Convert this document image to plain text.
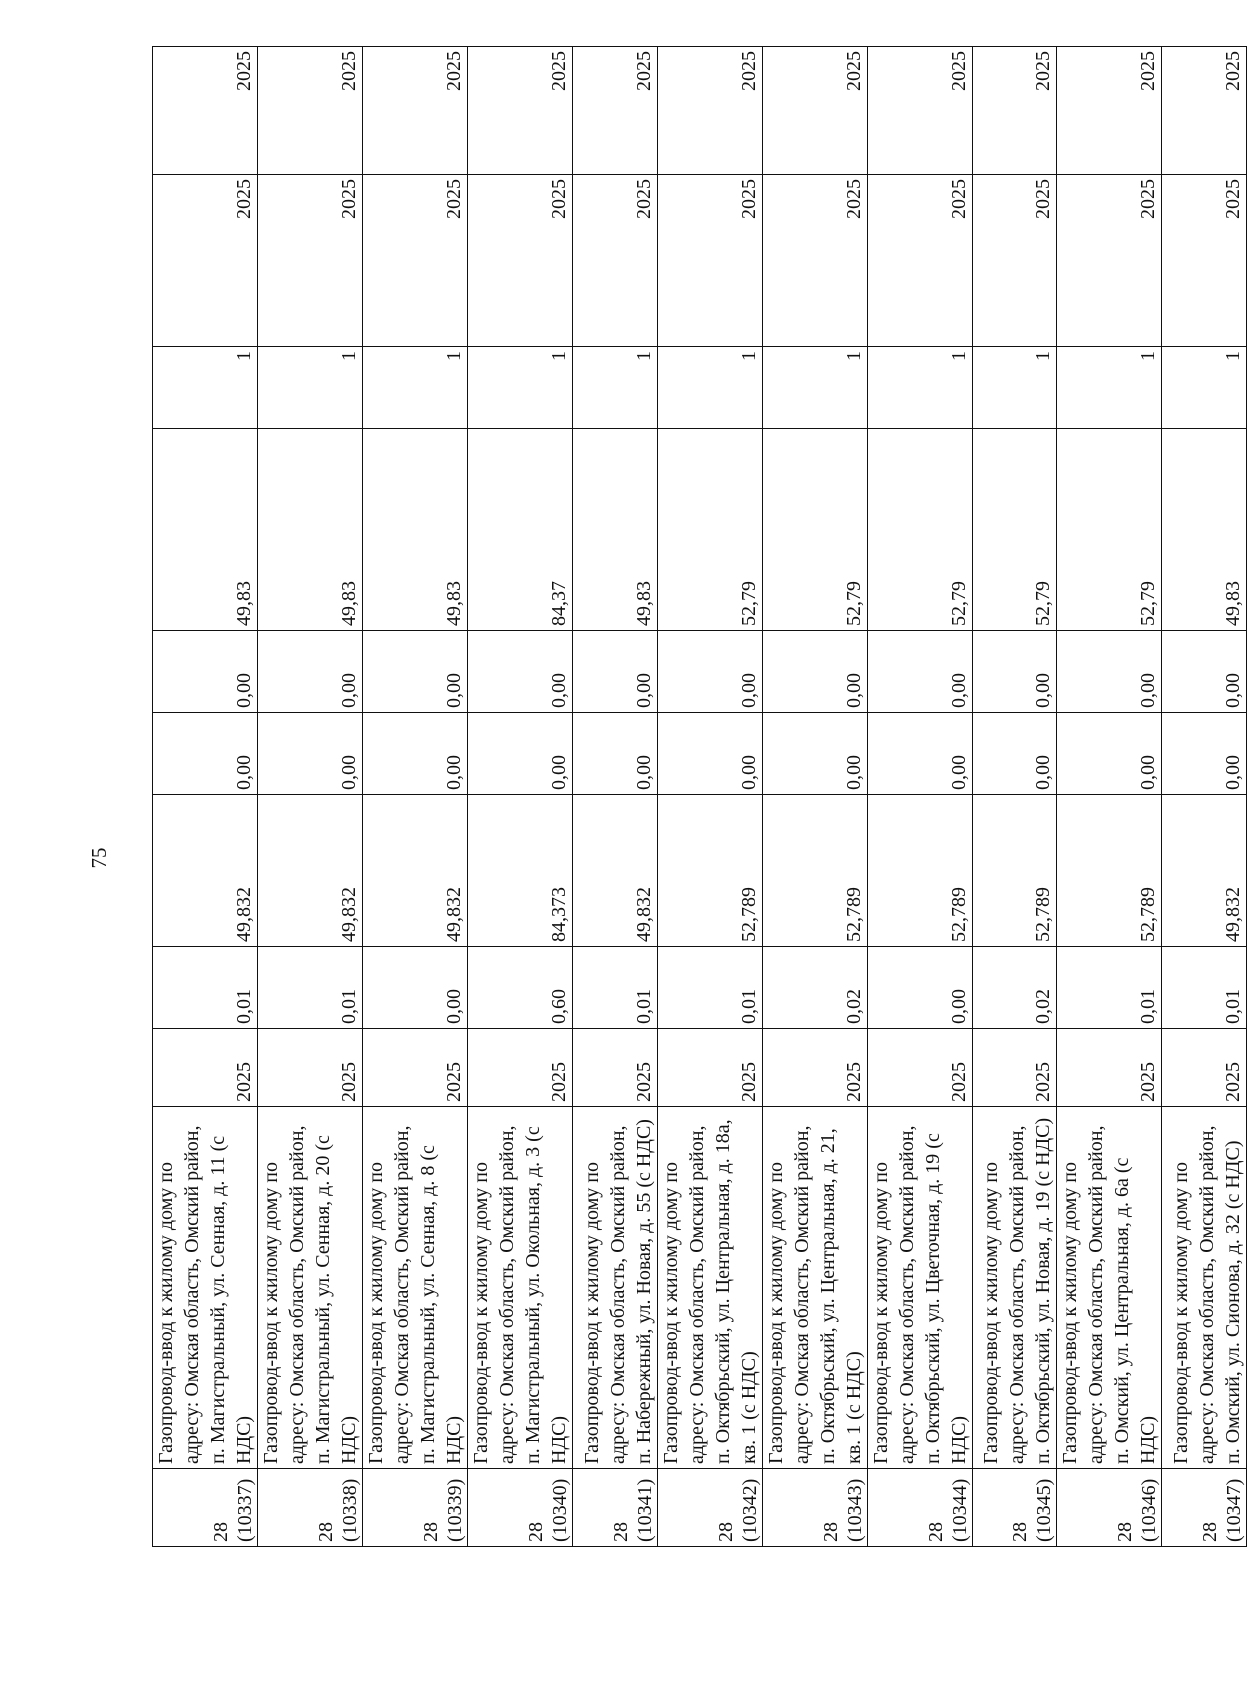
75
28 (10337)	Газопровод-ввод к жилому дому по адресу: Омская область, Омский район, п. Магистральный, ул. Сенная, д. 11 (с НДС)	2025	0,01	49,832	0,00	0,00	49,83	1	2025	2025

28 (10338)	Газопровод-ввод к жилому дому по адресу: Омская область, Омский район, п. Магистральный, ул. Сенная, д. 20 (с НДС)	2025	0,01	49,832	0,00	0,00	49,83	1	2025	2025

28 (10339)	Газопровод-ввод к жилому дому по адресу: Омская область, Омский район, п. Магистральный, ул. Сенная, д. 8 (с НДС)	2025	0,00	49,832	0,00	0,00	49,83	1	2025	2025

28 (10340)	Газопровод-ввод к жилому дому по адресу: Омская область, Омский район, п. Магистральный, ул. Окольная, д. 3 (с НДС)	2025	0,60	84,373	0,00	0,00	84,37	1	2025	2025

28 (10341)	Газопровод-ввод к жилому дому по адресу: Омская область, Омский район, п. Набережный, ул. Новая, д. 55 (с НДС)	2025	0,01	49,832	0,00	0,00	49,83	1	2025	2025

28 (10342)	Газопровод-ввод к жилому дому по адресу: Омская область, Омский район, п. Октябрьский, ул. Центральная, д. 18а, кв. 1 (с НДС)	2025	0,01	52,789	0,00	0,00	52,79	1	2025	2025

28 (10343)	Газопровод-ввод к жилому дому по адресу: Омская область, Омский район, п. Октябрьский, ул. Центральная, д. 21, кв. 1 (с НДС)	2025	0,02	52,789	0,00	0,00	52,79	1	2025	2025

28 (10344)	Газопровод-ввод к жилому дому по адресу: Омская область, Омский район, п. Октябрьский, ул. Цветочная, д. 19 (с НДС)	2025	0,00	52,789	0,00	0,00	52,79	1	2025	2025

28 (10345)	Газопровод-ввод к жилому дому по адресу: Омская область, Омский район, п. Октябрьский, ул. Новая, д. 19 (с НДС)	2025	0,02	52,789	0,00	0,00	52,79	1	2025	2025

28 (10346)	Газопровод-ввод к жилому дому по адресу: Омская область, Омский район, п. Омский, ул. Центральная, д. 6а (с НДС)	2025	0,01	52,789	0,00	0,00	52,79	1	2025	2025

28 (10347)	Газопровод-ввод к жилому дому по адресу: Омская область, Омский район, п. Омский, ул. Сионова, д. 32 (с НДС)	2025	0,01	49,832	0,00	0,00	49,83	1	2025	2025
